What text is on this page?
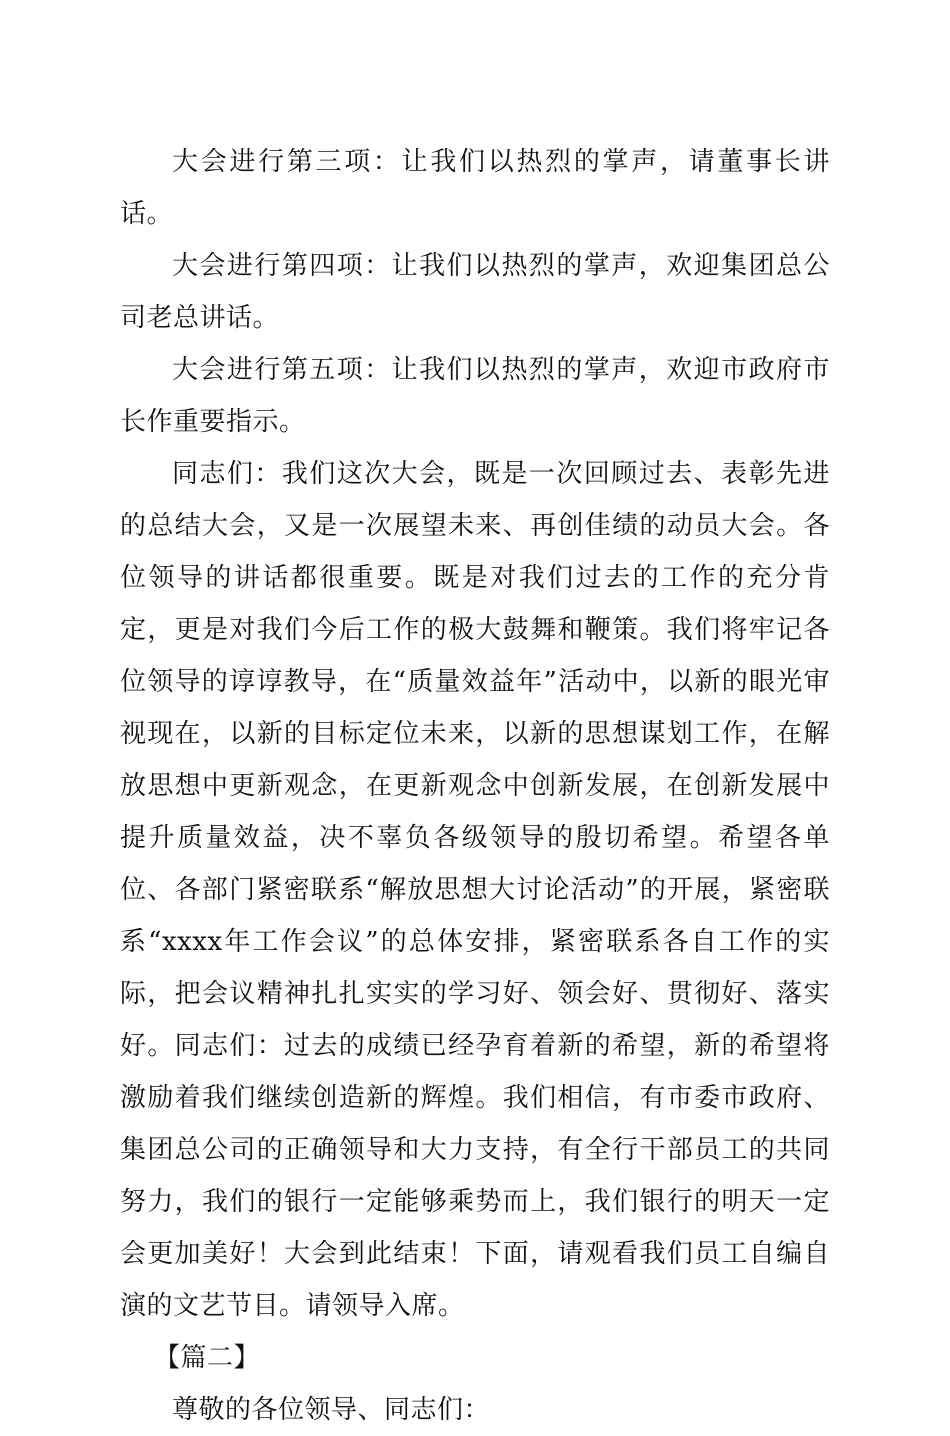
大会进行第三项：让我们以热烈的掌声，请董事长讲话。

大会进行第四项：让我们以热烈的掌声，欢迎集团总公司老总讲话。

大会进行第五项：让我们以热烈的掌声，欢迎市政府市长作重要指示。

同志们：我们这次大会，既是一次回顾过去、表彰先进的总结大会，又是一次展望未来、再创佳绩的动员大会。各位领导的讲话都很重要。既是对我们过去的工作的充分肯定，更是对我们今后工作的极大鼓舞和鞭策。我们将牢记各位领导的谆谆教导，在“质量效益年”活动中，以新的眼光审视现在，以新的目标定位未来，以新的思想谋划工作，在解放思想中更新观念，在更新观念中创新发展，在创新发展中提升质量效益，决不辜负各级领导的殷切希望。希望各单位、各部门紧密联系“解放思想大讨论活动”的开展，紧密联系“xxxx年工作会议”的总体安排，紧密联系各自工作的实际，把会议精神扎扎实实的学习好、领会好、贯彻好、落实好。同志们：过去的成绩已经孕育着新的希望，新的希望将激励着我们继续创造新的辉煌。我们相信，有市委市政府、集团总公司的正确领导和大力支持，有全行干部员工的共同努力，我们的银行一定能够乘势而上，我们银行的明天一定会更加美好！大会到此结束！下面，请观看我们员工自编自演的文艺节目。请领导入席。

【篇二】

尊敬的各位领导、同志们：
